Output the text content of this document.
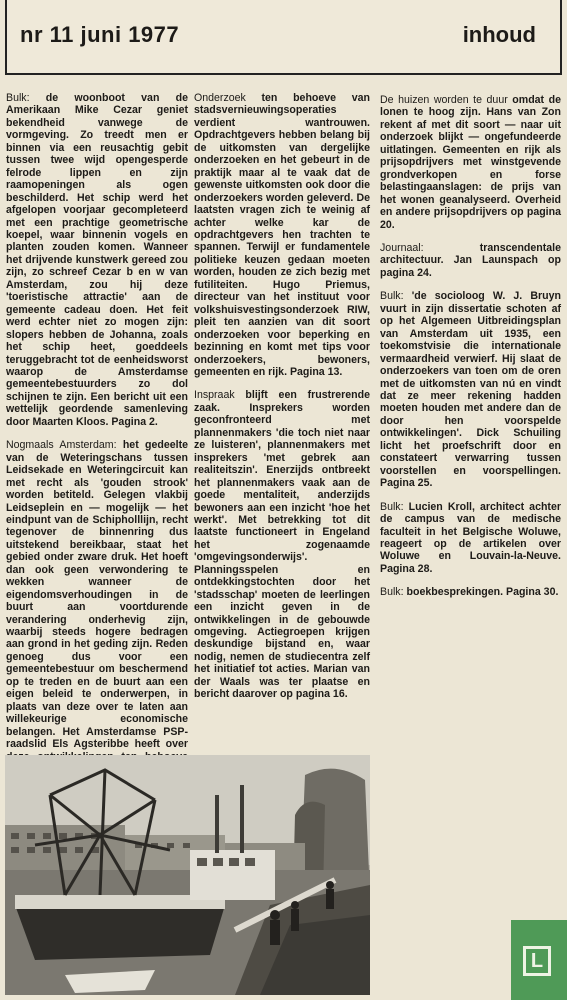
nr 11 juni 1977	inhoud

Bulk: de woonboot van de Amerikaan Mike Cezar geniet bekendheid vanwege de vormgeving. Zo treedt men er binnen via een reusachtig gebit tussen twee wijd opengesperde felrode lippen en zijn raamopeningen als ogen beschilderd. Het schip werd het afgelopen voorjaar gecompleteerd met een prachtige geometrische koepel, waar binnenin vogels en planten zouden komen. Wanneer het drijvende kunstwerk gereed zou zijn, zo schreef Cezar b en w van Amsterdam, zou hij deze 'toeristische attractie' aan de gemeente cadeau doen. Het feit werd echter niet zo mogen zijn: slopers hebben de Johanna, zoals het schip heet, goeddeels teruggebracht tot de eenheidsworst waarop de Amsterdamse gemeentebestuurders zo dol schijnen te zijn. Een bericht uit een wettelijk geordende samenleving door Maarten Kloos. Pagina 2.

Nogmaals Amsterdam: het gedeelte van de Weteringschans tussen Leidsekade en Weteringcircuit kan met recht als 'gouden strook' worden betiteld. Gelegen vlakbij Leidseplein en — mogelijk — het eindpunt van de Schipholllijn, recht tegenover de binnenring dus uitstekend bereikbaar, staat het gebied onder zware druk. Het hoeft dan ook geen verwondering te wekken wanneer de eigendomsverhoudingen in de buurt aan voortdurende verandering onderhevig zijn, waarbij steeds hogere bedragen aan grond in het geding zijn. Reden genoeg dus voor een gemeentebestuur om beschermend op te treden en de buurt aan een eigen beleid te onderwerpen, in plaats van deze over te laten aan willekeurige economische belangen. Het Amsterdamse PSP-raadslid Els Agsteribbe heeft over

Onderzoek ten behoeve van stadsvernieuwingsoperaties verdient wantrouwen. Opdrachtgevers hebben belang bij de uitkomsten van dergelijke onderzoeken en het gebeurt in de praktijk maar al te vaak dat de gewenste uitkomsten ook door die onderzoekers worden geleverd. De laatsten vragen zich te weinig af achter welke kar de opdrachtgevers hen trachten te spannen. Terwijl er fundamentele politieke keuzen gedaan moeten worden, houden ze zich bezig met futiliteiten. Hugo Priemus, directeur van het instituut voor volkshuisvestingsonderzoek RIW, pleit ten aanzien van dit soort onderzoeken voor beperking en bezinning en komt met tips voor onderzoekers, bewoners, gemeenten en rijk. Pagina 13.

Inspraak blijft een frustrerende zaak. Insprekers worden geconfronteerd met plannenmakers 'die toch niet naar ze luisteren', plannenmakers met insprekers 'met gebrek aan realiteitszin'. Enerzijds ontbreekt het plannenmakers vaak aan de goede mentaliteit, anderzijds bewoners aan een inzicht 'hoe het werkt'. Met betrekking tot dit laatste functioneert in Engeland het zogenaamde 'omgevingsonderwijs'. Planningsspelen en ontdekkingstochten door het 'stadsschap' moeten de leerlingen een inzicht geven in de ontwikkelingen in de gebouwde omgeving. Actiegroepen krijgen deskundige bijstand en, waar nodig, nemen de studiecentra zelf het initiatief tot acties. Marian van der Waals was ter plaatse en bericht daarover op pagina 16.

De huizen worden te duur omdat de lonen te hoog zijn. Hans van Zon rekent af met dit soort — naar uit onderzoek blijkt — ongefundeerde uitlatingen. Gemeenten en rijk als prijsopdrijvers met winstgevende grondverkopen en forse belastingaanslagen: de prijs van het wonen geanalyseerd. Overheid en andere prijsopdrijvers op pagina 20.

Journaal:	transcendentale architectuur. Jan Launspach op pagina 24.

Bulk: 'de socioloog W. J. Bruyn vuurt in zijn dissertatie schoten af op het Algemeen Uitbreidingsplan van Amsterdam uit 1935, een toekomstvisie die internationale vermaardheid verwierf. Hij slaat de onderzoekers van toen om de oren met de uitkomsten van nú en vindt dat ze meer rekening hadden moeten houden met andere dan de door hen voorspelde ontwikkelingen'. Dick Schuiling licht het proefschrift door en constateert verwarring tussen voorstellen en voorspellingen. Pagina 25.

Bulk: Lucien Kroll, architect achter de campus van de medische faculteit in het Belgische Woluwe, reageert op de artikelen over Woluwe en Louvain-la-Neuve. Pagina 28.

Bulk: boekbesprekingen. Pagina 30.

L
